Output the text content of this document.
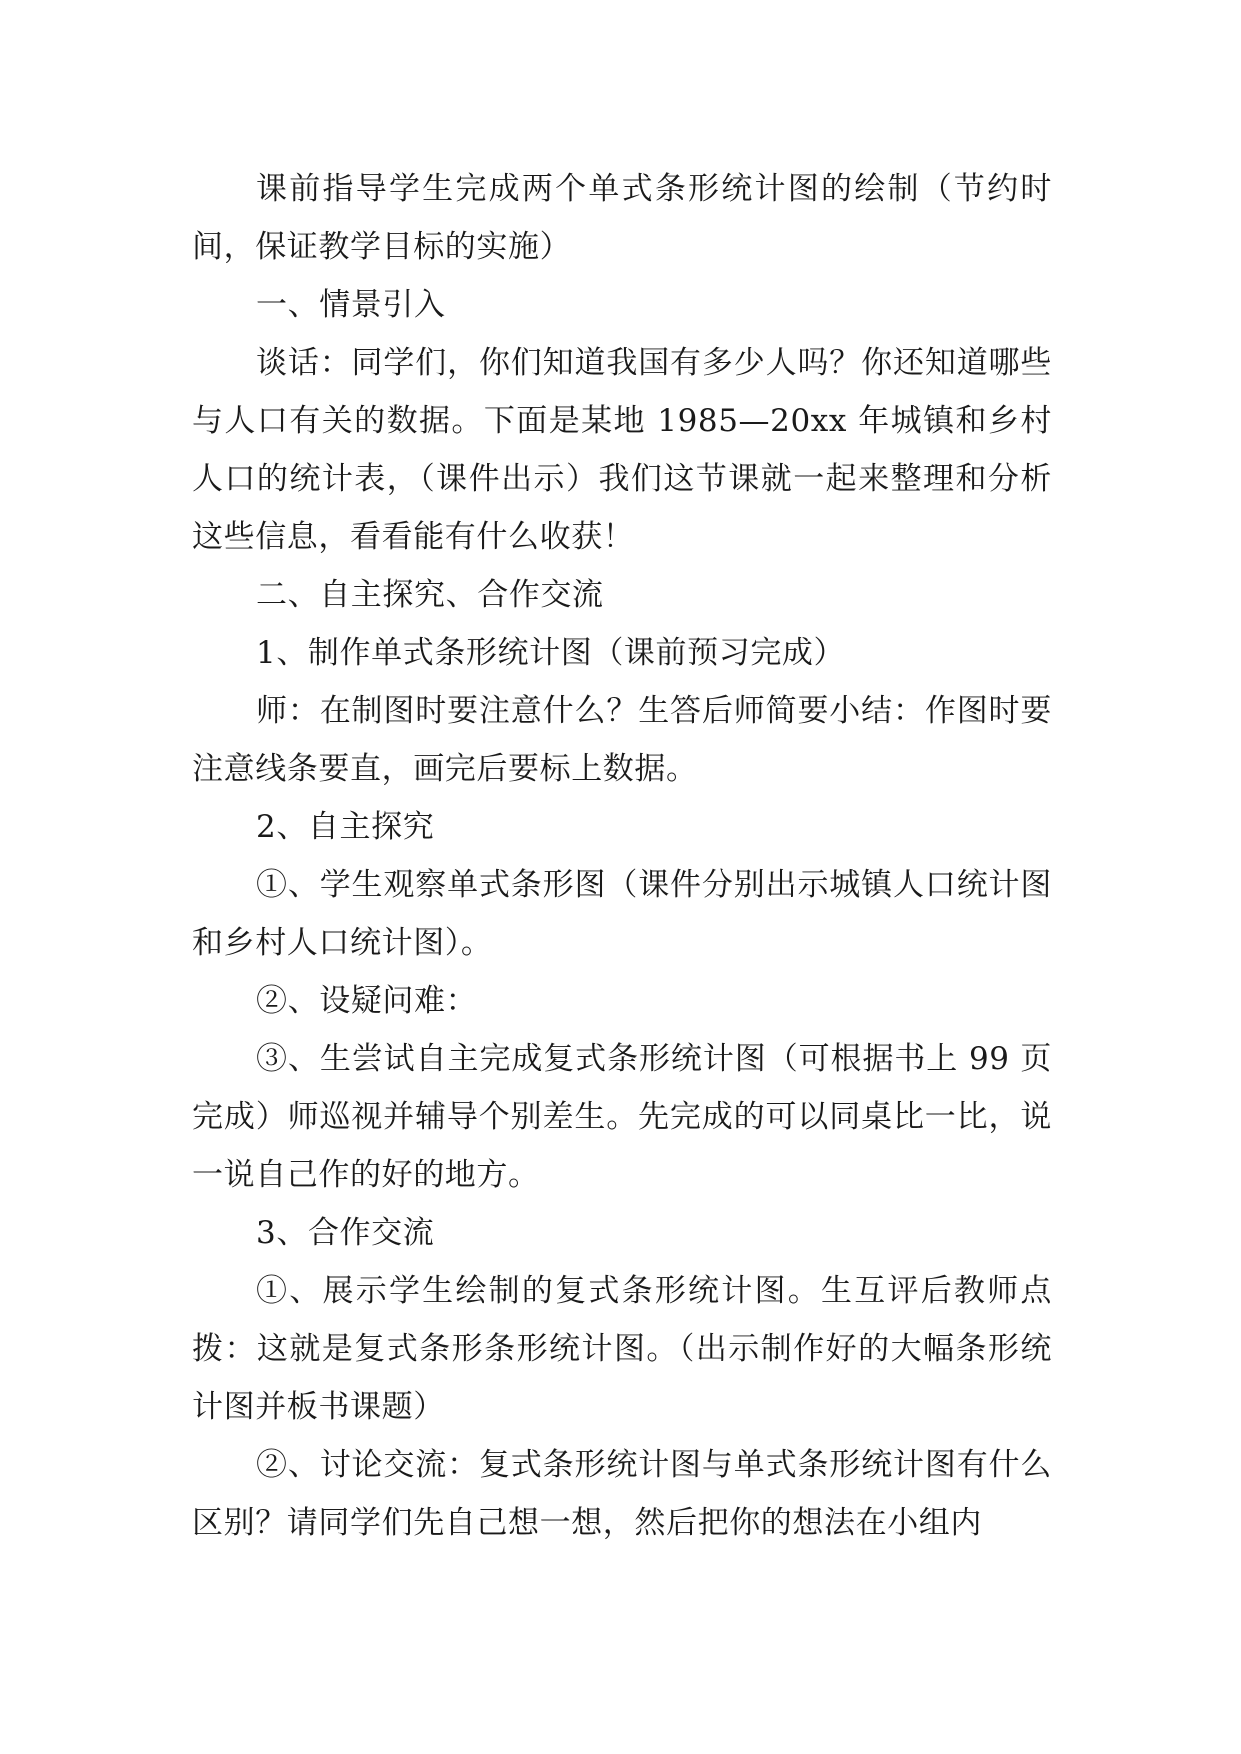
课前指导学生完成两个单式条形统计图的绘制（节约时间，保证教学目标的实施）

一、情景引入

谈话：同学们，你们知道我国有多少人吗？你还知道哪些与人口有关的数据。下面是某地 1985—20xx 年城镇和乡村人口的统计表，（课件出示）我们这节课就一起来整理和分析这些信息，看看能有什么收获！

二、自主探究、合作交流

1、制作单式条形统计图（课前预习完成）

师：在制图时要注意什么？生答后师简要小结：作图时要注意线条要直，画完后要标上数据。

2、自主探究

①、学生观察单式条形图（课件分别出示城镇人口统计图和乡村人口统计图）。

②、设疑问难：

③、生尝试自主完成复式条形统计图（可根据书上 99 页完成）师巡视并辅导个别差生。先完成的可以同桌比一比，说一说自己作的好的地方。

3、合作交流

①、展示学生绘制的复式条形统计图。生互评后教师点拨：这就是复式条形条形统计图。（出示制作好的大幅条形统计图并板书课题）

②、讨论交流：复式条形统计图与单式条形统计图有什么区别？请同学们先自己想一想，然后把你的想法在小组内
